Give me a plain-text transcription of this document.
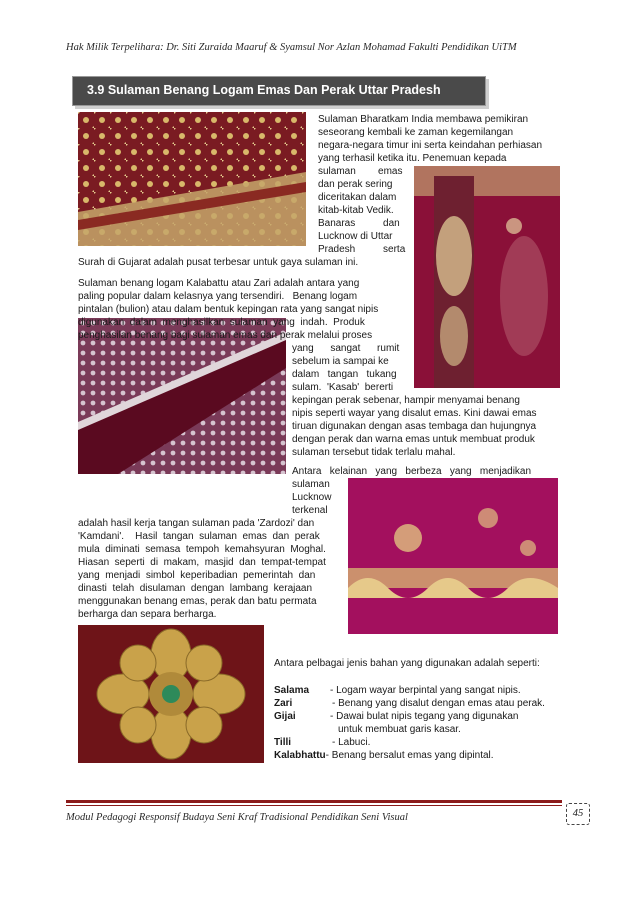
Hak Milik Terpelihara: Dr. Siti Zuraida Maaruf & Syamsul Nor Azlan Mohamad Fakulti Pendidikan UiTM
3.9 Sulaman Benang Logam Emas Dan Perak Uttar Pradesh
Sulaman Bharatkam India membawa pemikiran
seseorang kembali ke zaman kegemilangan
negara-negara timur ini serta keindahan perhiasan
yang terhasil ketika itu. Penemuan kepada
sulaman        emas
dan perak sering
diceritakan dalam
kitab-kitab Vedik.
Banaras          dan
Lucknow di Uttar
Pradesh          serta
Surah di Gujarat adalah pusat terbesar untuk gaya sulaman ini.
Sulaman benang logam Kalabattu atau Zari adalah antara yang
paling popular dalam kelasnya yang tersendiri.   Benang logam
pintalan (bulion) atau dalam bentuk kepingan rata yang sangat nipis
digunakan  dalam  menghasilkan  sulaman  yang  indah.  Produk
penghasilan benang bagi sulaman emas dan perak melalui proses
yang      sangat      rumit
sebelum ia sampai ke
dalam   tangan   tukang
sulam.  'Kasab'  bererti
kepingan perak sebenar, hampir menyamai benang
nipis seperti wayar yang disalut emas. Kini dawai emas
tiruan digunakan dengan asas tembaga dan hujungnya
dengan perak dan warna emas untuk membuat produk
sulaman tersebut tidak terlalu mahal.
Antara   kelainan   yang   berbeza   yang   menjadikan
sulaman
Lucknow
terkenal
adalah hasil kerja tangan sulaman pada 'Zardozi' dan
'Kamdani'.    Hasil  tangan  sulaman  emas  dan  perak
mula  diminati  semasa  tempoh  kemahsyuran  Moghal.
Hiasan  seperti  di  makam,  masjid  dan  tempat-tempat
yang  menjadi  simbol  keperibadian  pemerintah  dan
dinasti  telah  disulaman  dengan  lambang  kerajaan
menggunakan benang emas, perak dan batu permata
berharga dan separa berharga.
Antara pelbagai jenis bahan yang digunakan adalah seperti:
Salama - Logam wayar berpintal yang sangat nipis.
Zari	- Benang yang disalut dengan emas atau perak.
Gijai	- Dawai bulat nipis tegang yang digunakan
untuk membuat garis kasar.
Tilli	- Labuci.
Kalabhattu- Benang bersalut emas yang dipintal.
Modul Pedagogi Responsif Budaya Seni Kraf Tradisional Pendidikan Seni Visual	45
